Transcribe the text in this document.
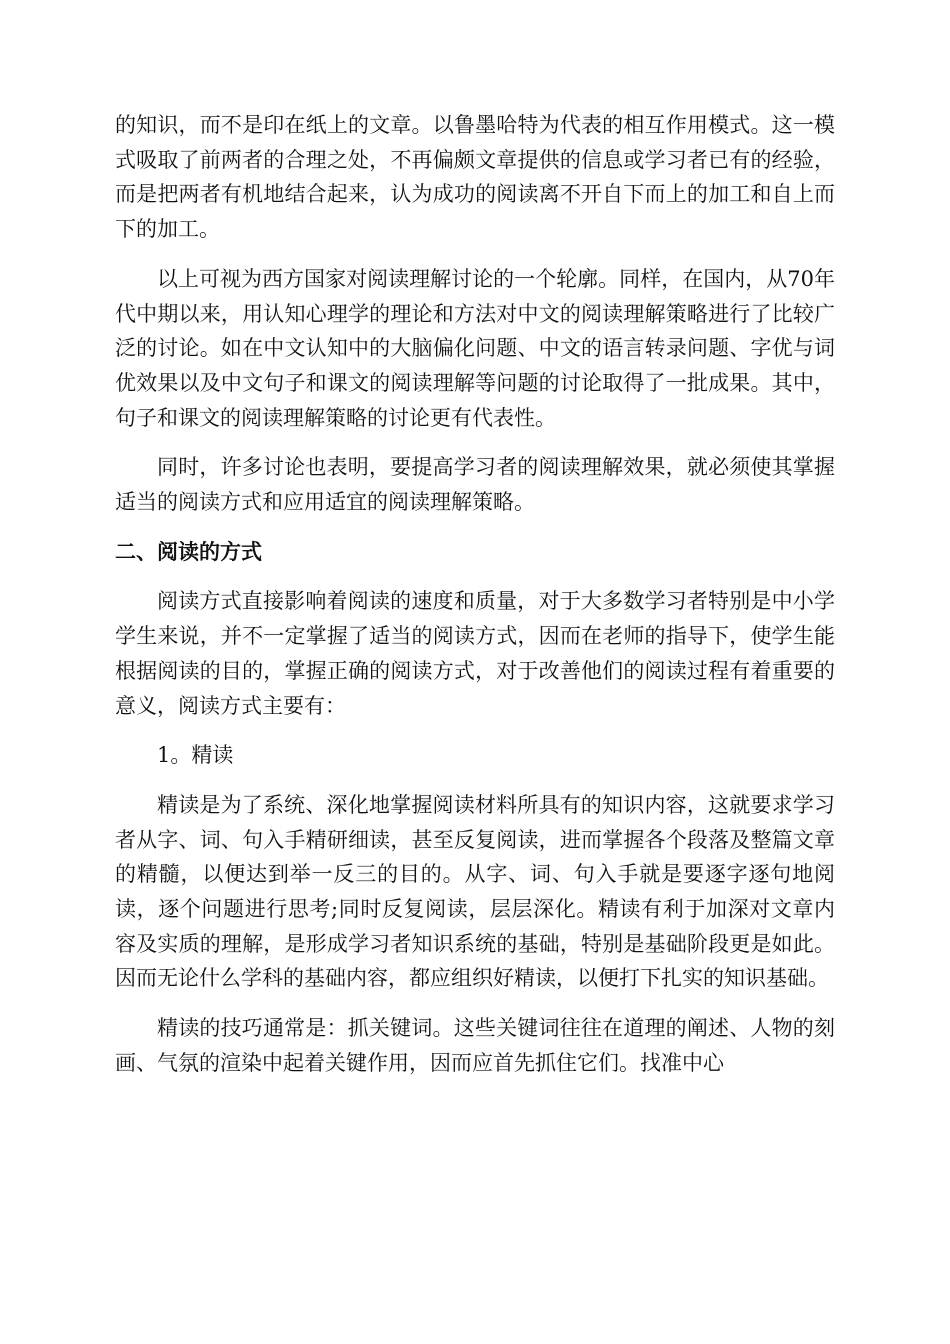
的知识，而不是印在纸上的文章。以鲁墨哈特为代表的相互作用模式。这一模式吸取了前两者的合理之处，不再偏颇文章提供的信息或学习者已有的经验，而是把两者有机地结合起来，认为成功的阅读离不开自下而上的加工和自上而下的加工。

以上可视为西方国家对阅读理解讨论的一个轮廓。同样，在国内，从70年代中期以来，用认知心理学的理论和方法对中文的阅读理解策略进行了比较广泛的讨论。如在中文认知中的大脑偏化问题、中文的语言转录问题、字优与词优效果以及中文句子和课文的阅读理解等问题的讨论取得了一批成果。其中，句子和课文的阅读理解策略的讨论更有代表性。

同时，许多讨论也表明，要提高学习者的阅读理解效果，就必须使其掌握适当的阅读方式和应用适宜的阅读理解策略。

二、阅读的方式

阅读方式直接影响着阅读的速度和质量，对于大多数学习者特别是中小学学生来说，并不一定掌握了适当的阅读方式，因而在老师的指导下，使学生能根据阅读的目的，掌握正确的阅读方式，对于改善他们的阅读过程有着重要的意义，阅读方式主要有：

1。精读

精读是为了系统、深化地掌握阅读材料所具有的知识内容，这就要求学习者从字、词、句入手精研细读，甚至反复阅读，进而掌握各个段落及整篇文章的精髓，以便达到举一反三的目的。从字、词、句入手就是要逐字逐句地阅读，逐个问题进行思考;同时反复阅读，层层深化。精读有利于加深对文章内容及实质的理解，是形成学习者知识系统的基础，特别是基础阶段更是如此。因而无论什么学科的基础内容，都应组织好精读，以便打下扎实的知识基础。

精读的技巧通常是：抓关键词。这些关键词往往在道理的阐述、人物的刻画、气氛的渲染中起着关键作用，因而应首先抓住它们。找准中心
